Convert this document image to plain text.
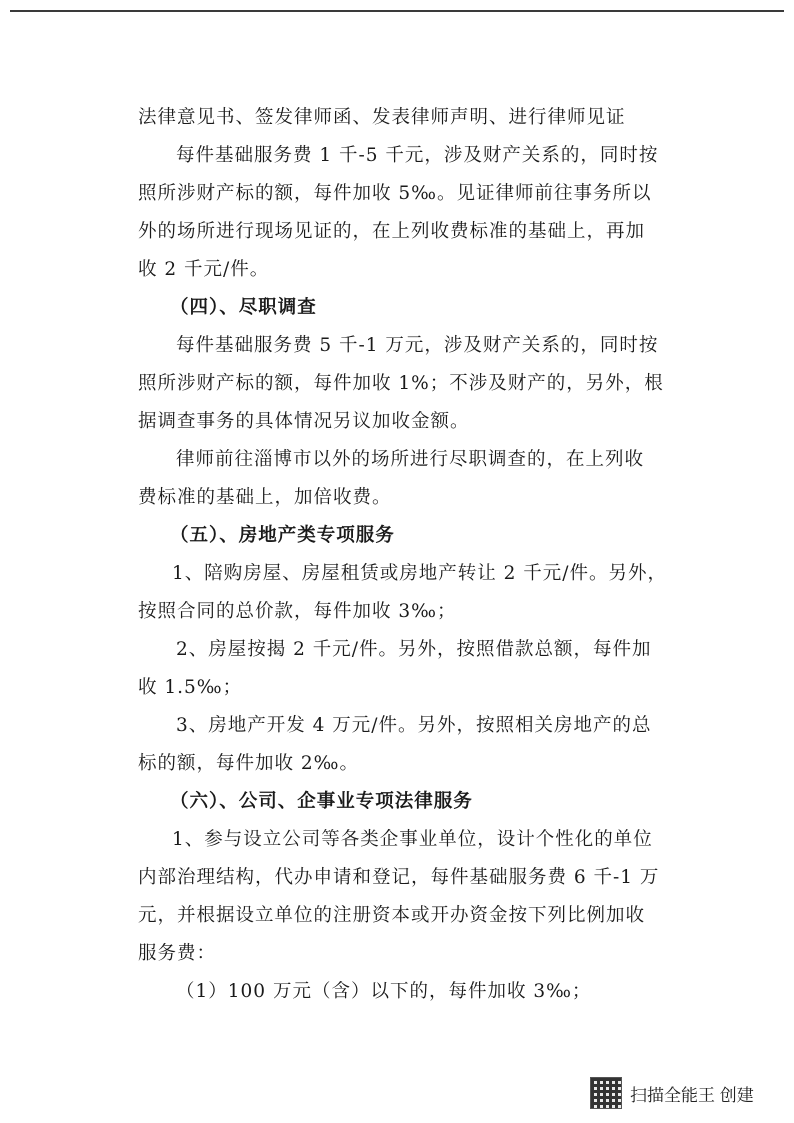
法律意见书、签发律师函、发表律师声明、进行律师见证
每件基础服务费 1 千-5 千元，涉及财产关系的，同时按
照所涉财产标的额，每件加收 5‰。见证律师前往事务所以
外的场所进行现场见证的，在上列收费标准的基础上，再加
收 2 千元/件。
（四）、尽职调查
每件基础服务费 5 千-1 万元，涉及财产关系的，同时按
照所涉财产标的额，每件加收 1%；不涉及财产的，另外，根
据调查事务的具体情况另议加收金额。
律师前往淄博市以外的场所进行尽职调查的，在上列收
费标准的基础上，加倍收费。
（五）、房地产类专项服务
1、陪购房屋、房屋租赁或房地产转让 2 千元/件。另外，
按照合同的总价款，每件加收 3‰；
2、房屋按揭 2 千元/件。另外，按照借款总额，每件加
收 1.5‰；
3、房地产开发 4 万元/件。另外，按照相关房地产的总
标的额，每件加收 2‰。
（六）、公司、企事业专项法律服务
1、参与设立公司等各类企事业单位，设计个性化的单位
内部治理结构，代办申请和登记，每件基础服务费 6 千-1 万
元，并根据设立单位的注册资本或开办资金按下列比例加收
服务费：
（1）100 万元（含）以下的，每件加收 3‰；
扫描全能王 创建
